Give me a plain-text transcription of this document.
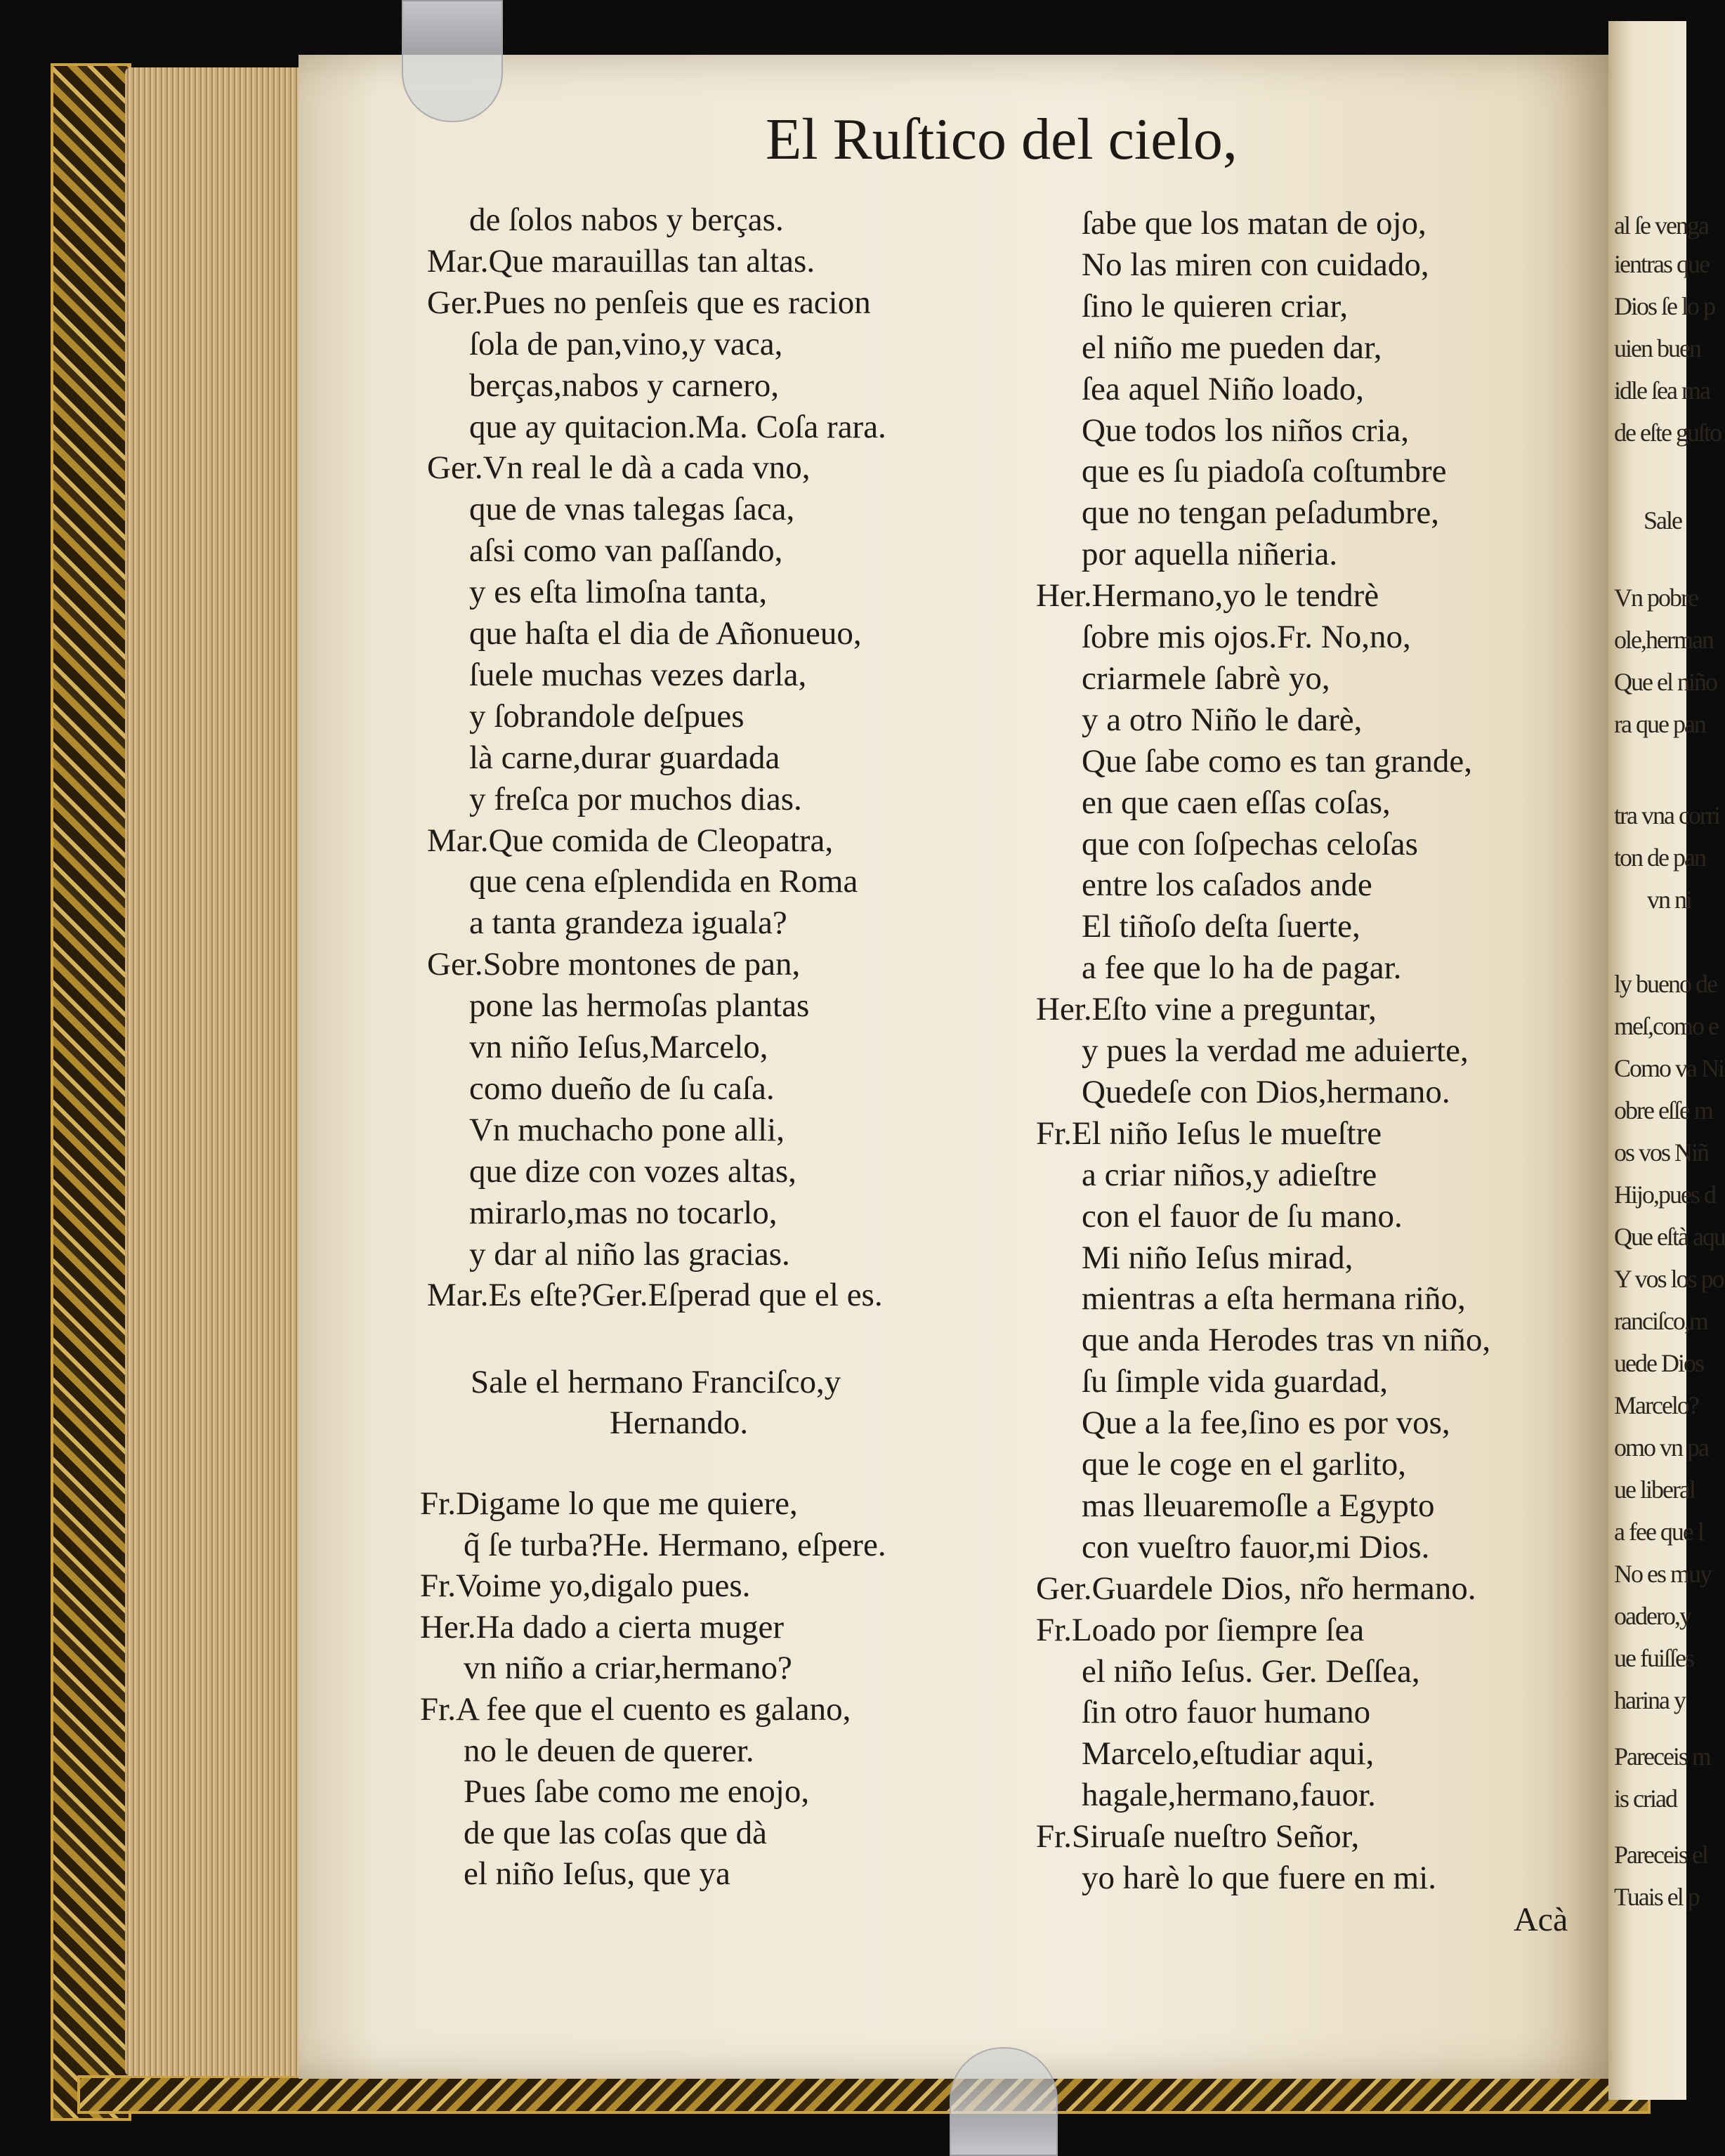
al ſe venga
ientras que
Dios ſe lo p
uien buen
idle ſea ma
de eſte guſto
Sale
Vn pobre
ole,herman
Que el niño
ra que pan
tra vna corri
ton de pan
vn ni
ly bueno de
meſ,como e
Como va Ni
obre eſſe m
os vos Niñ
Hijo,pues d
Que eſtà aqu
Y vos los po
ranciſco,m
uede Dios
Marcelo?
omo vn pa
ue liberal
a fee que l
No es muy
oadero,y
ue fuiſſes
harina y
Pareceis m
is criad
Pareceis el
Tuais el p
El Ruſtico del cielo,
de ſolos nabos y berças.
Mar.Que marauillas tan altas.
Ger.Pues no penſeis que es racion
ſola de pan,vino,y vaca,
berças,nabos y carnero,
que ay quitacion.Ma. Coſa rara.
Ger.Vn real le dà a cada vno,
que de vnas talegas ſaca,
aſsi como van paſſando,
y es eſta limoſna tanta,
que haſta el dia de Añonueuo,
ſuele muchas vezes darla,
y ſobrandole deſpues
là carne,durar guardada
y freſca por muchos dias.
Mar.Que comida de Cleopatra,
que cena eſplendida en Roma
a tanta grandeza iguala?
Ger.Sobre montones de pan,
pone las hermoſas plantas
vn niño Ieſus,Marcelo,
como dueño de ſu caſa.
Vn muchacho pone alli,
que dize con vozes altas,
mirarlo,mas no tocarlo,
y dar al niño las gracias.
Mar.Es eſte?Ger.Eſperad que el es.
Sale el hermano Franciſco,y
Hernando.
Fr.Digame lo que me quiere,
q̃ ſe turba?He. Hermano, eſpere.
Fr.Voime yo,digalo pues.
Her.Ha dado a cierta muger
vn niño a criar,hermano?
Fr.A fee que el cuento es galano,
no le deuen de querer.
Pues ſabe como me enojo,
de que las coſas que dà
el niño Ieſus, que ya
ſabe que los matan de ojo,
No las miren con cuidado,
ſino le quieren criar,
el niño me pueden dar,
ſea aquel Niño loado,
Que todos los niños cria,
que es ſu piadoſa coſtumbre
que no tengan peſadumbre,
por aquella niñeria.
Her.Hermano,yo le tendrè
ſobre mis ojos.Fr. No,no,
criarmele ſabrè yo,
y a otro Niño le darè,
Que ſabe como es tan grande,
en que caen eſſas coſas,
que con ſoſpechas celoſas
entre los caſados ande
El tiñoſo deſta ſuerte,
a fee que lo ha de pagar.
Her.Eſto vine a preguntar,
y pues la verdad me aduierte,
Quedeſe con Dios,hermano.
Fr.El niño Ieſus le mueſtre
a criar niños,y adieſtre
con el fauor de ſu mano.
Mi niño Ieſus mirad,
mientras a eſta hermana riño,
que anda Herodes tras vn niño,
ſu ſimple vida guardad,
Que a la fee,ſino es por vos,
que le coge en el garlito,
mas lleuaremoſle a Egypto
con vueſtro fauor,mi Dios.
Ger.Guardele Dios, nr̃o hermano.
Fr.Loado por ſiempre ſea
el niño Ieſus. Ger. Deſſea,
ſin otro fauor humano
Marcelo,eſtudiar aqui,
hagale,hermano,fauor.
Fr.Siruaſe nueſtro Señor,
yo harè lo que fuere en mi.
Acà
